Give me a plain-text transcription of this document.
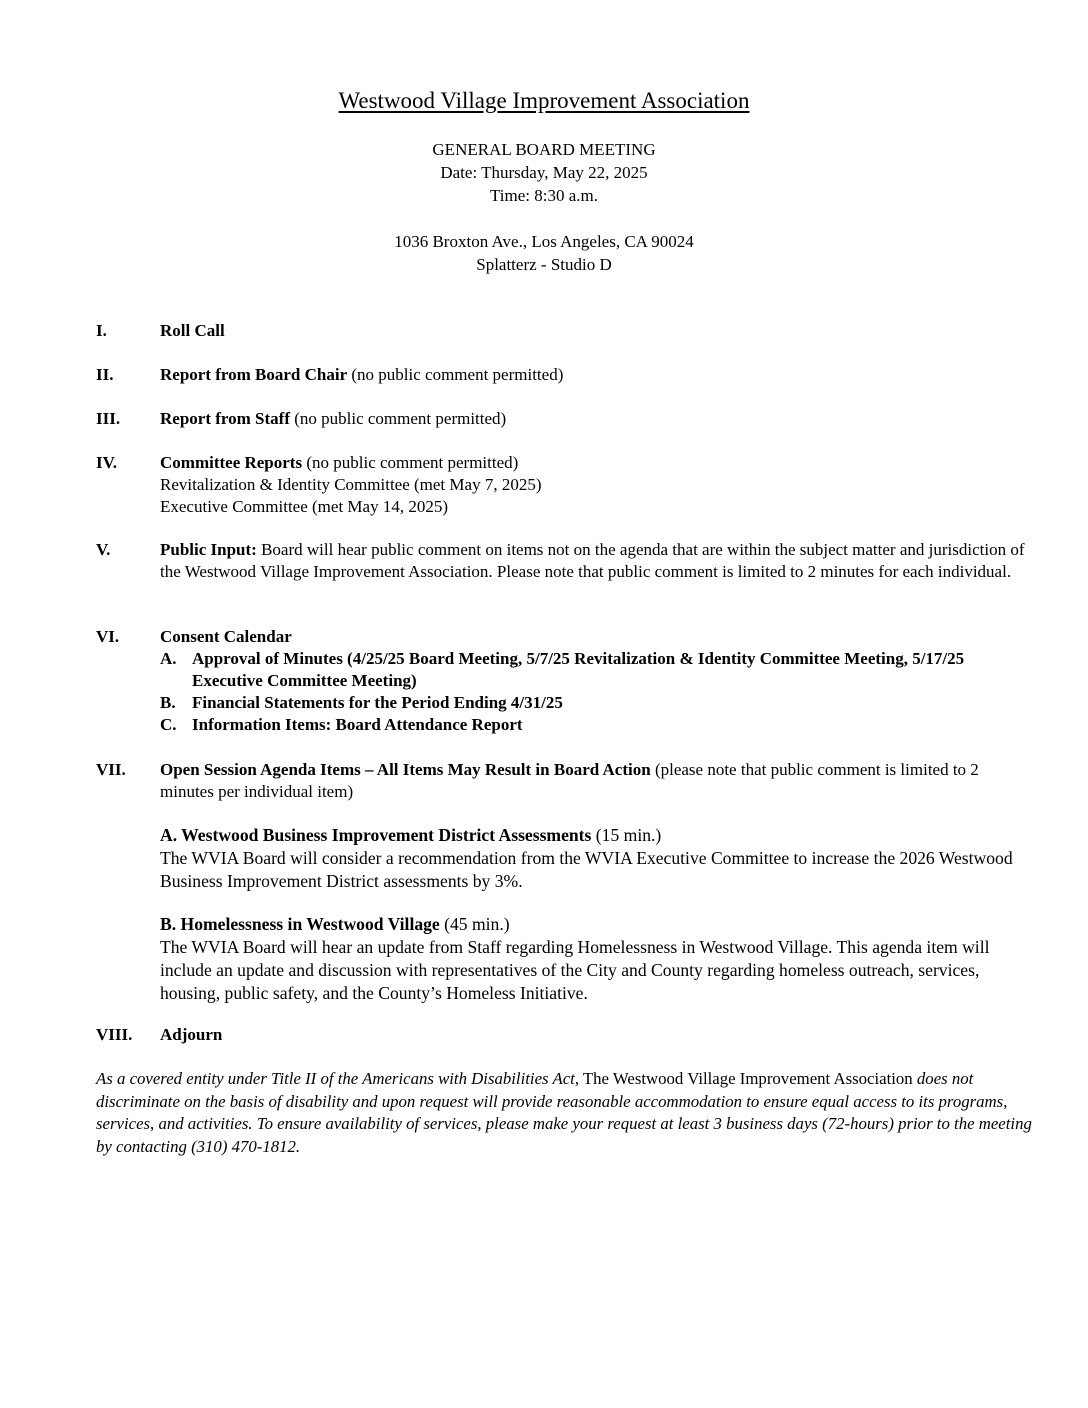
Westwood Village Improvement Association
GENERAL BOARD MEETING
Date: Thursday, May 22, 2025
Time: 8:30 a.m.
1036 Broxton Ave., Los Angeles, CA 90024
Splatterz - Studio D
I.	Roll Call
II.	Report from Board Chair (no public comment permitted)
III.	Report from Staff (no public comment permitted)
IV.	Committee Reports (no public comment permitted)
Revitalization & Identity Committee (met May 7, 2025)
Executive Committee (met May 14, 2025)
V.	Public Input: Board will hear public comment on items not on the agenda that are within the subject matter and jurisdiction of the Westwood Village Improvement Association. Please note that public comment is limited to 2 minutes for each individual.
VI.	Consent Calendar
A. Approval of Minutes (4/25/25 Board Meeting, 5/7/25 Revitalization & Identity Committee Meeting, 5/17/25 Executive Committee Meeting)
B. Financial Statements for the Period Ending 4/31/25
C. Information Items: Board Attendance Report
VII.	Open Session Agenda Items – All Items May Result in Board Action (please note that public comment is limited to 2 minutes per individual item)
A. Westwood Business Improvement District Assessments (15 min.)
The WVIA Board will consider a recommendation from the WVIA Executive Committee to increase the 2026 Westwood Business Improvement District assessments by 3%.
B. Homelessness in Westwood Village (45 min.)
The WVIA Board will hear an update from Staff regarding Homelessness in Westwood Village. This agenda item will include an update and discussion with representatives of the City and County regarding homeless outreach, services, housing, public safety, and the County’s Homeless Initiative.
VIII.	Adjourn
As a covered entity under Title II of the Americans with Disabilities Act, The Westwood Village Improvement Association does not discriminate on the basis of disability and upon request will provide reasonable accommodation to ensure equal access to its programs, services, and activities. To ensure availability of services, please make your request at least 3 business days (72-hours) prior to the meeting by contacting (310) 470-1812.
